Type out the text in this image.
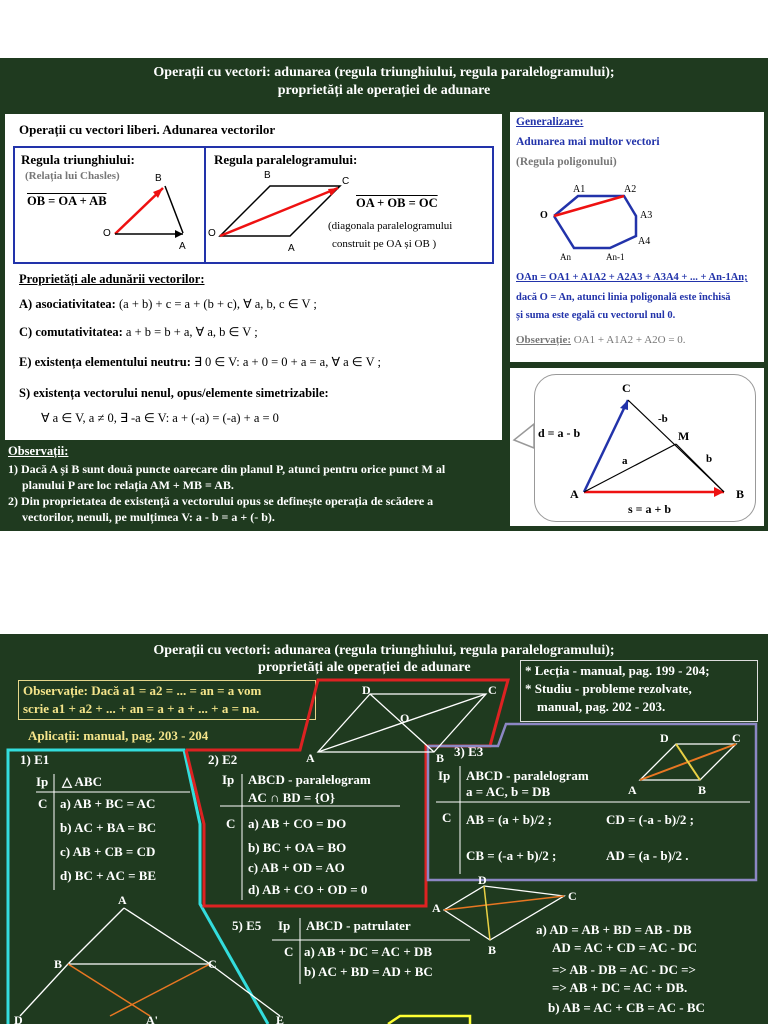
Operații cu vectori: adunarea (regula triunghiului, regula paralelogramului);
proprietăți ale operației de adunare
Operații cu vectori liberi. Adunarea vectorilor
Regula triunghiului:
(Relația lui Chasles)
OB = OA + AB
O
A
B
Regula paralelogramului:
OA + OB = OC
(diagonala paralelogramului
construit pe OA și OB )
O
A
B
C
Proprietăți ale adunării vectorilor:
A) asociativitatea: (a + b) + c = a + (b + c), ∀ a, b, c ∈ V ;
C) comutativitatea: a + b = b + a, ∀ a, b ∈ V ;
E) existența elementului neutru: ∃ 0 ∈ V: a + 0 = 0 + a = a, ∀ a ∈ V ;
S) existența vectorului nenul, opus/elemente simetrizabile:
∀ a ∈ V, a ≠ 0, ∃ -a ∈ V: a + (-a) = (-a) + a = 0
Generalizare:
Adunarea mai multor vectori
(Regula poligonului)
O
A1	A2
A3
A4
An-1
An
OAn = OA1 + A1A2 + A2A3 + A3A4 + ... + An-1An;
dacă O = An, atunci linia poligonală este închisă
și suma este egală cu vectorul nul 0.
Observație: OA1 + A1A2 + A2O = 0.
C
A	B
M
-b
a	b
d = a - b
s = a + b
Observații:
1) Dacă A și B sunt două puncte oarecare din planul P, atunci pentru orice punct M al
planului P are loc relația AM + MB = AB.
2) Din proprietatea de existență a vectorului opus se definește operația de scădere a
vectorilor, nenuli, pe mulțimea V: a - b = a + (- b).
Operații cu vectori: adunarea (regula triunghiului, regula paralelogramului);
proprietăți ale operației de adunare	* Lecția - manual, pag. 199 - 204;
* Studiu - probleme rezolvate,
manual, pag. 202 - 203.
Observație: Dacă a1 = a2 = ... = an = a vom
scrie a1 + a2 + ... + an = a + a + ... + a = na.
Aplicații: manual, pag. 203 - 204
A	B
C
D
O
A	B
C
D
A
B
C
D
A
B	C
D	A'	E
1) E1
Ip △ ABC
C a) AB + BC = AC
b) AC + BA = BC
c) AB + CB = CD
d) BC + AC = BE
2) E2
Ip ABCD - paralelogram
AC ∩ BD = {O}
C a) AB + CO = DO
b) BC + OA = BO
c) AB + OD = AO
d) AB + CO + OD = 0
3) E3
Ip ABCD - paralelogram
a = AC, b = DB
C AB = (a + b)/2 ;	CD = (-a - b)/2 ;
CB = (-a + b)/2 ;	AD = (a - b)/2 .
5) E5 Ip ABCD - patrulater
C a) AB + DC = AC + DB
b) AC + BD = AD + BC
a) AD = AB + BD = AB - DB
AD = AC + CD = AC - DC
=> AB - DB = AC - DC =>
=> AB + DC = AC + DB.
b) AB = AC + CB = AC - BC
